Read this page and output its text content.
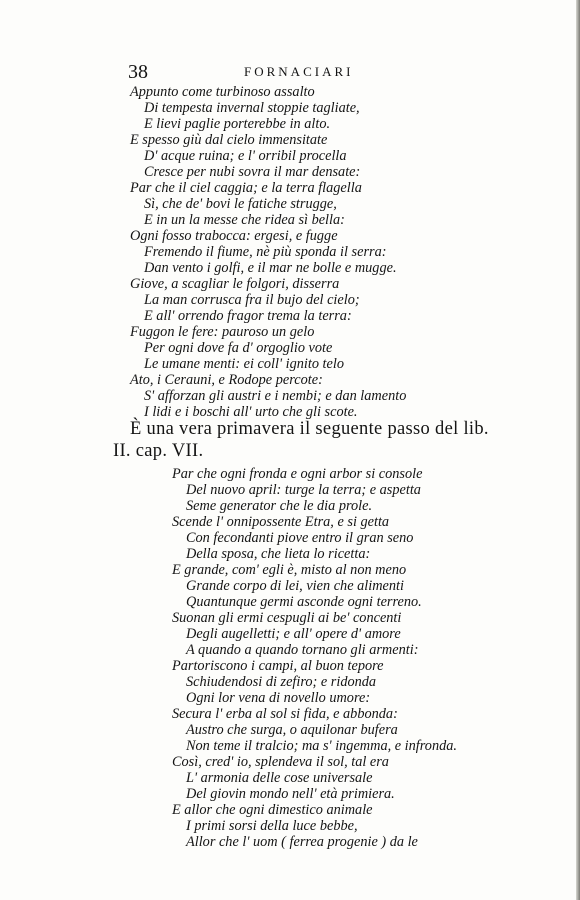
38	FORNACIARI
Appunto come turbinoso assalto
Di tempesta invernal stoppie tagliate,
E lievi paglie porterebbe in alto.
E spesso giù dal cielo immensitate
D' acque ruina; e l' orribil procella
Cresce per nubi sovra il mar densate:
Par che il ciel caggia; e la terra flagella
Sì, che de' bovi le fatiche strugge,
E in un la messe che ridea sì bella:
Ogni fosso trabocca: ergesi, e fugge
Fremendo il fiume, nè più sponda il serra:
Dan vento i golfi, e il mar ne bolle e mugge.
Giove, a scagliar le folgori, disserra
La man corrusca fra il bujo del cielo;
E all' orrendo fragor trema la terra:
Fuggon le fere: pauroso un gelo
Per ogni dove fa d' orgoglio vote
Le umane menti: ei coll' ignito telo
Ato, i Cerauni, e Rodope percote:
S' afforzan gli austri e i nembi; e dan lamento
I lidi e i boschi all' urto che gli scote.
È una vera primavera il seguente passo del lib.
II. cap. VII.
Par che ogni fronda e ogni arbor si console
Del nuovo april: turge la terra; e aspetta
Seme generator che le dia prole.
Scende l' onnipossente Etra, e si getta
Con fecondanti piove entro il gran seno
Della sposa, che lieta lo ricetta:
E grande, com' egli è, misto al non meno
Grande corpo di lei, vien che alimenti
Quantunque germi asconde ogni terreno.
Suonan gli ermi cespugli ai be' concenti
Degli augelletti; e all' opere d' amore
A quando a quando tornano gli armenti:
Partoriscono i campi, al buon tepore
Schiudendosi di zefiro; e ridonda
Ogni lor vena di novello umore:
Secura l' erba al sol si fida, e abbonda:
Austro che surga, o aquilonar bufera
Non teme il tralcio; ma s' ingemma, e infronda.
Così, cred' io, splendeva il sol, tal era
L' armonia delle cose universale
Del giovin mondo nell' età primiera.
E allor che ogni dimestico animale
I primi sorsi della luce bebbe,
Allor che l' uom ( ferrea progenie ) da le
